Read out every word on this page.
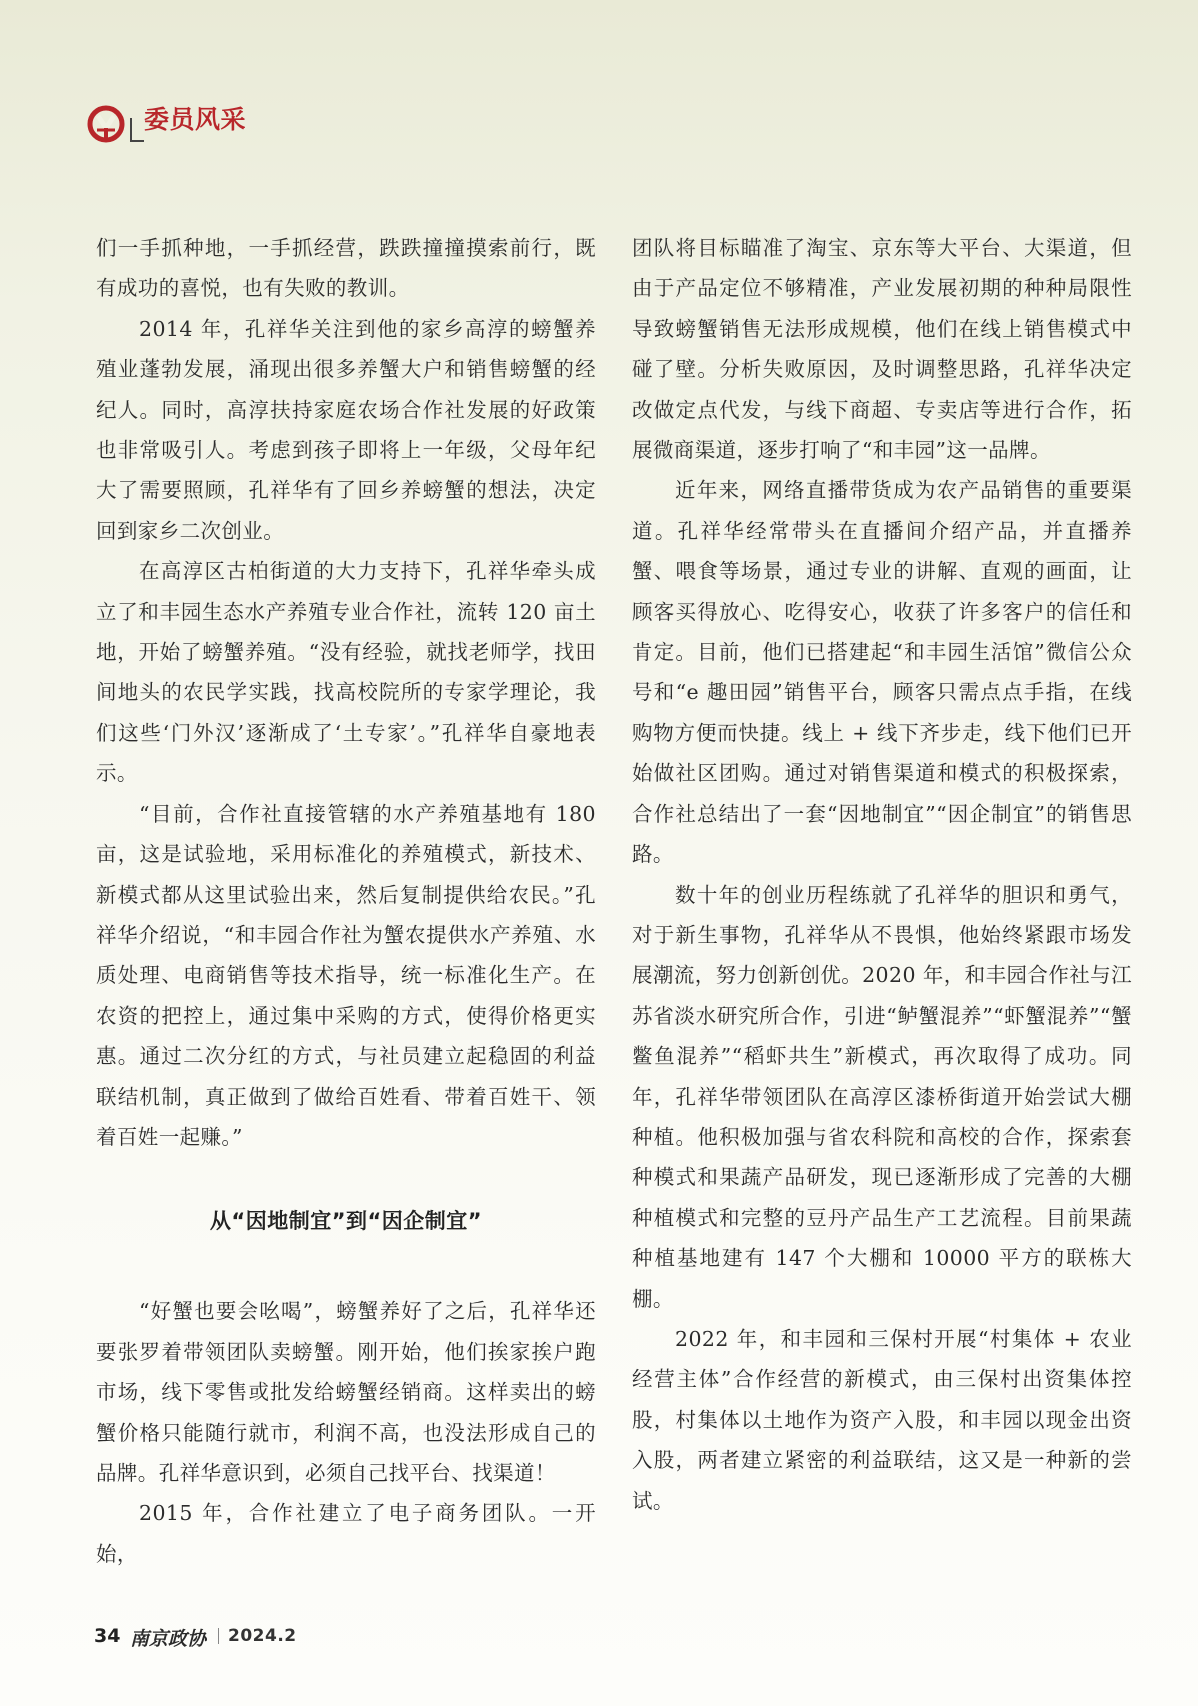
委员风采

们一手抓种地，一手抓经营，跌跌撞撞摸索前行，既有成功的喜悦，也有失败的教训。

2014 年，孔祥华关注到他的家乡高淳的螃蟹养殖业蓬勃发展，涌现出很多养蟹大户和销售螃蟹的经纪人。同时，高淳扶持家庭农场合作社发展的好政策也非常吸引人。考虑到孩子即将上一年级，父母年纪大了需要照顾，孔祥华有了回乡养螃蟹的想法，决定回到家乡二次创业。

在高淳区古柏街道的大力支持下，孔祥华牵头成立了和丰园生态水产养殖专业合作社，流转 120 亩土地，开始了螃蟹养殖。“没有经验，就找老师学，找田间地头的农民学实践，找高校院所的专家学理论，我们这些‘门外汉’逐渐成了‘土专家’。”孔祥华自豪地表示。

“目前，合作社直接管辖的水产养殖基地有 180 亩，这是试验地，采用标准化的养殖模式，新技术、新模式都从这里试验出来，然后复制提供给农民。”孔祥华介绍说，“和丰园合作社为蟹农提供水产养殖、水质处理、电商销售等技术指导，统一标准化生产。在农资的把控上，通过集中采购的方式，使得价格更实惠。通过二次分红的方式，与社员建立起稳固的利益联结机制，真正做到了做给百姓看、带着百姓干、领着百姓一起赚。”

从“因地制宜”到“因企制宜”

“好蟹也要会吆喝”，螃蟹养好了之后，孔祥华还要张罗着带领团队卖螃蟹。刚开始，他们挨家挨户跑市场，线下零售或批发给螃蟹经销商。这样卖出的螃蟹价格只能随行就市，利润不高，也没法形成自己的品牌。孔祥华意识到，必须自己找平台、找渠道！

2015 年，合作社建立了电子商务团队。一开始，

团队将目标瞄准了淘宝、京东等大平台、大渠道，但由于产品定位不够精准，产业发展初期的种种局限性导致螃蟹销售无法形成规模，他们在线上销售模式中碰了壁。分析失败原因，及时调整思路，孔祥华决定改做定点代发，与线下商超、专卖店等进行合作，拓展微商渠道，逐步打响了“和丰园”这一品牌。

近年来，网络直播带货成为农产品销售的重要渠道。孔祥华经常带头在直播间介绍产品，并直播养蟹、喂食等场景，通过专业的讲解、直观的画面，让顾客买得放心、吃得安心，收获了许多客户的信任和肯定。目前，他们已搭建起“和丰园生活馆”微信公众号和“e 趣田园”销售平台，顾客只需点点手指，在线购物方便而快捷。线上 + 线下齐步走，线下他们已开始做社区团购。通过对销售渠道和模式的积极探索，合作社总结出了一套“因地制宜”“因企制宜”的销售思路。

数十年的创业历程练就了孔祥华的胆识和勇气，对于新生事物，孔祥华从不畏惧，他始终紧跟市场发展潮流，努力创新创优。2020 年，和丰园合作社与江苏省淡水研究所合作，引进“鲈蟹混养”“虾蟹混养”“蟹鳖鱼混养”“稻虾共生”新模式，再次取得了成功。同年，孔祥华带领团队在高淳区漆桥街道开始尝试大棚种植。他积极加强与省农科院和高校的合作，探索套种模式和果蔬产品研发，现已逐渐形成了完善的大棚种植模式和完整的豆丹产品生产工艺流程。目前果蔬种植基地建有 147 个大棚和 10000 平方的联栋大棚。

2022 年，和丰园和三保村开展“村集体 + 农业经营主体”合作经营的新模式，由三保村出资集体控股，村集体以土地作为资产入股，和丰园以现金出资入股，两者建立紧密的利益联结，这又是一种新的尝试。

34 南京政协 2024.2
